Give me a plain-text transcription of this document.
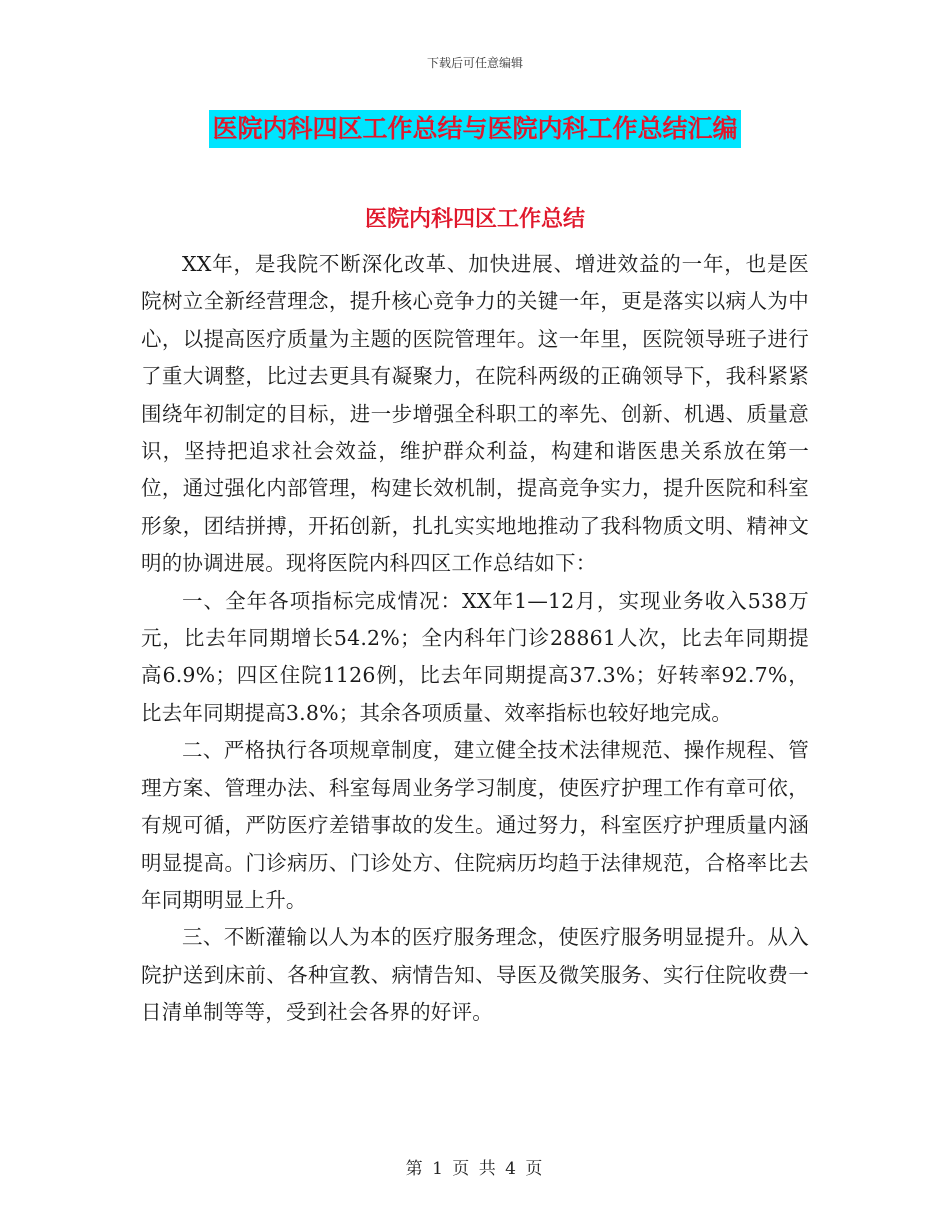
下载后可任意编辑
医院内科四区工作总结与医院内科工作总结汇编
医院内科四区工作总结

XX年，是我院不断深化改革、加快进展、增进效益的一年，也是医院树立全新经营理念，提升核心竞争力的关键一年，更是落实以病人为中心，以提高医疗质量为主题的医院管理年。这一年里，医院领导班子进行了重大调整，比过去更具有凝聚力，在院科两级的正确领导下，我科紧紧围绕年初制定的目标，进一步增强全科职工的率先、创新、机遇、质量意识，坚持把追求社会效益，维护群众利益，构建和谐医患关系放在第一位，通过强化内部管理，构建长效机制，提高竞争实力，提升医院和科室形象，团结拼搏，开拓创新，扎扎实实地地推动了我科物质文明、精神文明的协调进展。现将医院内科四区工作总结如下：

一、全年各项指标完成情况：XX年1—12月，实现业务收入538万元，比去年同期增长54.2%；全内科年门诊28861人次，比去年同期提高6.9%；四区住院1126例，比去年同期提高37.3%；好转率92.7%，比去年同期提高3.8%；其余各项质量、效率指标也较好地完成。

二、严格执行各项规章制度，建立健全技术法律规范、操作规程、管理方案、管理办法、科室每周业务学习制度，使医疗护理工作有章可依，有规可循，严防医疗差错事故的发生。通过努力，科室医疗护理质量内涵明显提高。门诊病历、门诊处方、住院病历均趋于法律规范，合格率比去年同期明显上升。

三、不断灌输以人为本的医疗服务理念，使医疗服务明显提升。从入院护送到床前、各种宣教、病情告知、导医及微笑服务、实行住院收费一日清单制等等，受到社会各界的好评。

第 1 页 共 4 页
